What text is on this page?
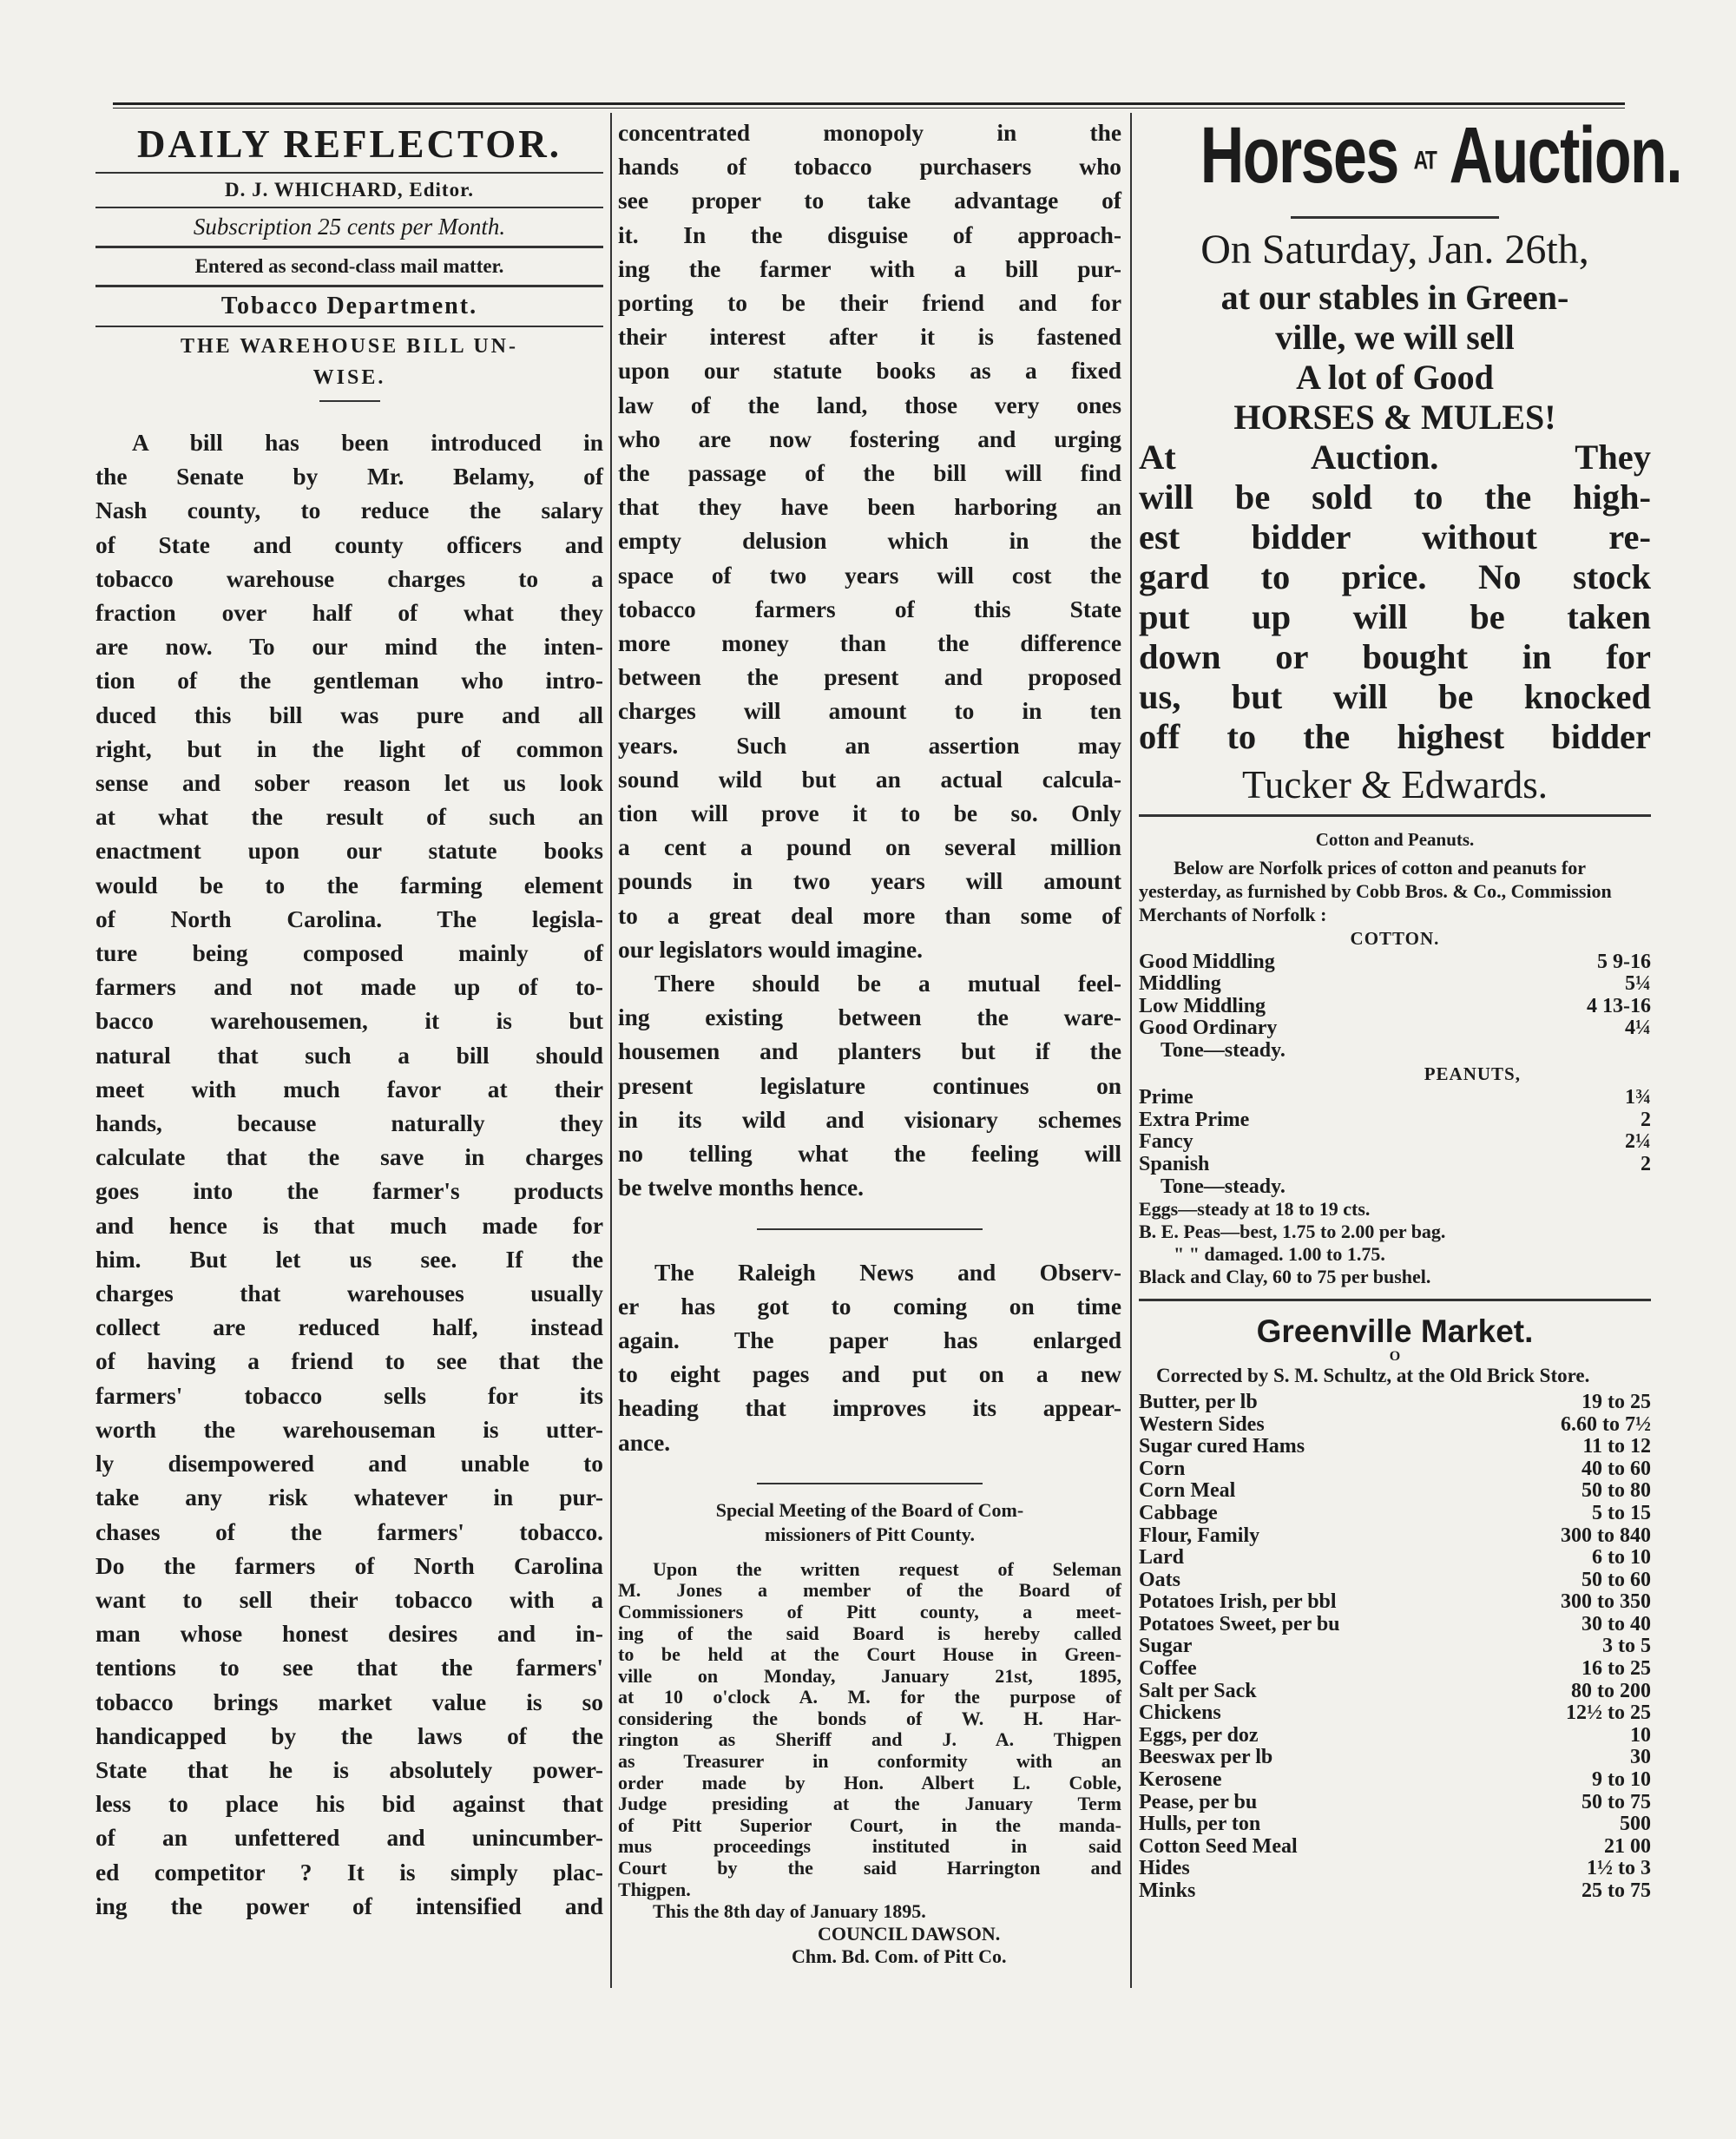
DAILY REFLECTOR.
D. J. WHICHARD, Editor.
Subscription 25 cents per Month.
Entered as second-class mail matter.
Tobacco Department.
THE WAREHOUSE BILL UN-
WISE.
A bill has been introduced in
the Senate by Mr. Belamy, of
Nash county, to reduce the salary
of State and county officers and
tobacco warehouse charges to a
fraction over half of what they
are now. To our mind the inten-
tion of the gentleman who intro-
duced this bill was pure and all
right, but in the light of common
sense and sober reason let us look
at what the result of such an
enactment upon our statute books
would be to the farming element
of North Carolina. The legisla-
ture being composed mainly of
farmers and not made up of to-
bacco warehousemen, it is but
natural that such a bill should
meet with much favor at their
hands, because naturally they
calculate that the save in charges
goes into the farmer's products
and hence is that much made for
him. But let us see. If the
charges that warehouses usually
collect are reduced half, instead
of having a friend to see that the
farmers' tobacco sells for its
worth the warehouseman is utter-
ly disempowered and unable to
take any risk whatever in pur-
chases of the farmers' tobacco.
Do the farmers of North Carolina
want to sell their tobacco with a
man whose honest desires and in-
tentions to see that the farmers'
tobacco brings market value is so
handicapped by the laws of the
State that he is absolutely power-
less to place his bid against that
of an unfettered and unincumber-
ed competitor ? It is simply plac-
ing the power of intensified and
concentrated monopoly in the
hands of tobacco purchasers who
see proper to take advantage of
it. In the disguise of approach-
ing the farmer with a bill pur-
porting to be their friend and for
their interest after it is fastened
upon our statute books as a fixed
law of the land, those very ones
who are now fostering and urging
the passage of the bill will find
that they have been harboring an
empty delusion which in the
space of two years will cost the
tobacco farmers of this State
more money than the difference
between the present and proposed
charges will amount to in ten
years. Such an assertion may
sound wild but an actual calcula-
tion will prove it to be so. Only
a cent a pound on several million
pounds in two years will amount
to a great deal more than some of
our legislators would imagine.
There should be a mutual feel-
ing existing between the ware-
housemen and planters but if the
present legislature continues on
in its wild and visionary schemes
no telling what the feeling will
be twelve months hence.
The Raleigh News and Observ-
er has got to coming on time
again. The paper has enlarged
to eight pages and put on a new
heading that improves its appear-
ance.
Special Meeting of the Board of Com-
missioners of Pitt County.
Upon the written request of Seleman
M. Jones a member of the Board of
Commissioners of Pitt county, a meet-
ing of the said Board is hereby called
to be held at the Court House in Green-
ville on Monday, January 21st, 1895,
at 10 o'clock A. M. for the purpose of
considering the bonds of W. H. Har-
rington as Sheriff and J. A. Thigpen
as Treasurer in conformity with an
order made by Hon. Albert L. Coble,
Judge presiding at the January Term
of Pitt Superior Court, in the manda-
mus proceedings instituted in said
Court by the said Harrington and
Thigpen.

This the 8th day of January 1895.

COUNCIL DAWSON.

Chm. Bd. Com. of Pitt Co.

Horses AT Auction.
On Saturday, Jan. 26th,

at our stables in Green-

ville, we will sell

A lot of Good

HORSES & MULES!

At Auction. They
will be sold to the high-
est bidder without re-
gard to price. No stock
put up will be taken
down or bought in for
us, but will be knocked
off to the highest bidder
Tucker & Edwards.
Cotton and Peanuts.

Below are Norfolk prices of cotton and peanuts for yesterday, as furnished by Cobb Bros. & Co., Commission Merchants of Norfolk :

COTTON.
Good Middling	5 9-16
Middling	5¼
Low Middling	4 13-16
Good Ordinary	4¼
Tone—steady.
PEANUTS,
Prime	1¾
Extra Prime	2
Fancy	2¼
Spanish	2
Tone—steady.

Eggs—steady at 18 to 19 cts.

B. E. Peas—best, 1.75 to 2.00 per bag.

" " damaged. 1.00 to 1.75.

Black and Clay, 60 to 75 per bushel.

Greenville Market.
O

Corrected by S. M. Schultz, at the Old Brick Store.

Butter, per lb	19 to 25
Western Sides	6.60 to 7½
Sugar cured Hams	11 to 12
Corn	40 to 60
Corn Meal	50 to 80
Cabbage	5 to 15
Flour, Family	300 to 840
Lard	6 to 10
Oats	50 to 60
Potatoes Irish, per bbl	300 to 350
Potatoes Sweet, per bu	30 to 40
Sugar	3 to 5
Coffee	16 to 25
Salt per Sack	80 to 200
Chickens	12½ to 25
Eggs, per doz	10
Beeswax per lb	30
Kerosene	9 to 10
Pease, per bu	50 to 75
Hulls, per ton	500
Cotton Seed Meal	21 00
Hides	1½ to 3
Minks	25 to 75
